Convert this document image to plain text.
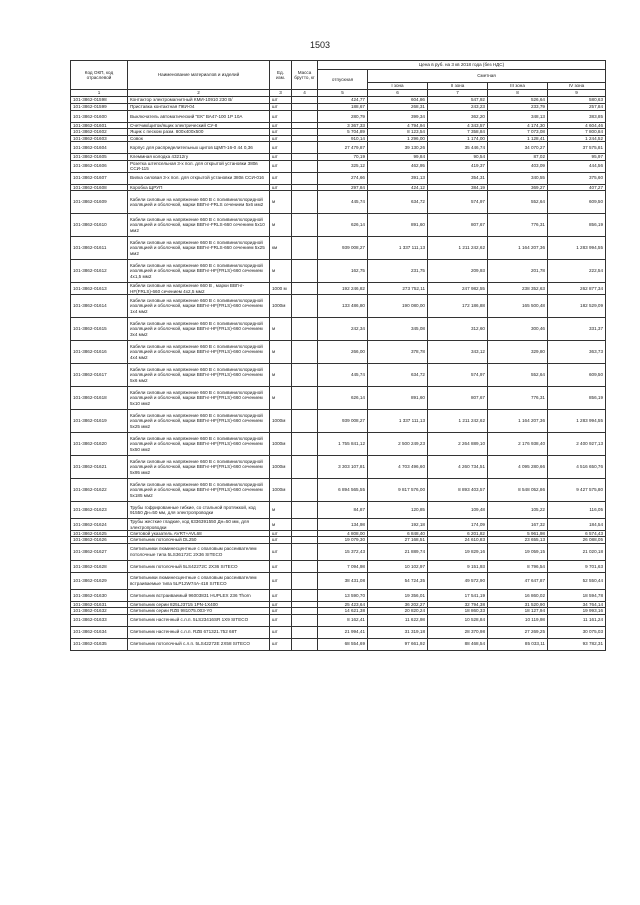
1503
Код ОКП, код отраслевой	Наименование материалов и изделий	Ед. изм.	Масса брутто, кг	Цена в руб. на 3 кв 2018 года (без НДС)				
				отпускная	Сметная			
					I зона	II зона	III зона	IV зона
1	2	3	4	5	6	7	8	9
101-3862-01598	Контактор электромагнитный КМИ-10910 230 В/	шт		424,77	604,86	547,92	526,64	580,63
101-3862-01599	Приставка контактная ПКИ-04	шт		188,67	268,31	243,23	233,79	257,84
101-3862-01600	Выключатель автоматический "ЕК" ВА47-100 1Р 10А	шт		280,79	399,34	362,20	348,13	383,85
101-3862-01601	Счетчик/щиток/ящик электрический СУ-8	шт		3 367,33	4 794,94	4 343,57	4 174,30	4 604,46
101-3862-01602	Ящик с песком разм. 800х400х500	шт		5 704,89	8 123,54	7 358,84	7 073,08	7 800,84
101-3862-01603	Совок	шт		910,14	1 296,00	1 174,00	1 128,41	1 244,52
101-3862-01604	Корпус для распределительных щитов ЩМП-16-0 44 0,36	шт		27 479,87	39 130,26	35 446,74	34 070,27	37 575,81
101-3862-01605	Клеммная колодка 43212гу	шт		70,19	99,84	90,54	87,02	95,97
101-3862-01606	Розетка штепсельная 3-х пол. для открытой установки 380в ССИ-115	шт		325,12	462,95	419,37	403,09	444,56
101-3862-01607	Вилка силовая 3-х пол. для открытой установки 380в ССИ-016	шт		274,66	391,13	354,31	340,55	375,60
101-3862-01608	Коробка ЩРУП	шт		297,84	424,12	384,19	369,27	407,27
101-3862-01609	Кабели силовые на напряжение 660 В с поливинилхлоридной изоляцией и оболочкой, марки ВВГнг-FRLS сечением 5х6 мм2	м		445,74	634,72	574,97	552,64	609,50
101-3862-01610	Кабели силовые на напряжение 660 В с поливинилхлоридной изоляцией и оболочкой, марки ВВГнг-FRLS-660 сечением 5х10 мм2	м		626,14	891,60	807,67	776,31	856,19
101-3862-01611	Кабели силовые на напряжение 660 В с поливинилхлоридной изоляцией и оболочкой, марки ВВГнг-FRLS-660 сечением 5х25 мм2	км		939 008,27	1 337 111,13	1 211 242,62	1 164 207,36	1 283 994,55
101-3862-01612	Кабели силовые на напряжение 660 В с поливинилхлоридной изоляцией и оболочкой, марки ВВГнг-HF(FRLS)-660 сечением 4х1,5 мм2	м		162,75	231,75	209,93	201,78	222,54
101-3862-01613	Кабели силовые на напряжение 660 В , марки ВВГнг-HF(FRLS)-660 сечением 4х2,5 мм2	1000 м		192 246,82	273 752,11	247 982,55	238 352,63	262 877,34
101-3862-01614	Кабели силовые на напряжение 660 В с поливинилхлоридной изоляцией и оболочкой, марки ВВГнг-HF(FRLS)-660 сечением 1х4 мм2	1000м		133 486,80	190 080,00	172 186,88	165 500,48	182 529,09
101-3862-01615	Кабели силовые на напряжение 660 В с поливинилхлоридной изоляцией и оболочкой, марки ВВГнг-HF(FRLS)-660 сечением 3х4 мм2	м		242,34	345,08	312,60	300,46	331,37
101-3862-01616	Кабели силовые на напряжение 660 В с поливинилхлоридной изоляцией и оболочкой, марки ВВГнг-HF(FRLS)-660 сечением 4х4 мм2	м		266,00	378,78	343,12	329,80	363,73
101-3862-01617	Кабели силовые на напряжение 660 В с поливинилхлоридной изоляцией и оболочкой, марки ВВГнг-HF(FRLS)-660 сечением 5х6 мм2	м		445,74	634,72	574,97	552,64	609,50
101-3862-01618	Кабели силовые на напряжение 660 В с поливинилхлоридной изоляцией и оболочкой, марки ВВГнг-HF(FRLS)-660 сечением 5х10 мм2	м		626,14	891,60	807,67	776,31	856,19
101-3862-01619	Кабели силовые на напряжение 660 В с поливинилхлоридной изоляцией и оболочкой, марки ВВГнг-HF(FRLS)-660 сечением 5х25 мм2	1000м		939 008,27	1 337 111,13	1 211 242,62	1 164 207,36	1 283 994,55
101-3862-01620	Кабели силовые на напряжение 660 В с поливинилхлоридной изоляцией и оболочкой, марки ВВГнг-HF(FRLS)-660 сечением 5х50 мм2	1000м		1 755 841,12	2 500 249,23	2 264 889,10	2 176 938,40	2 400 927,13
101-3862-01621	Кабели силовые на напряжение 660 В с поливинилхлоридной изоляцией и оболочкой, марки ВВГнг-HF(FRLS)-660 сечением 5х95 мм2	1000м		3 303 107,81	4 703 496,60	4 260 734,51	4 095 280,66	4 516 650,76
101-3862-01622	Кабели силовые на напряжение 660 В с поливинилхлоридной изоляцией и оболочкой, марки ВВГнг-HF(FRLS)-660 сечением 5х185 мм2	1000м		6 894 565,55	9 817 576,00	8 893 403,57	8 548 052,86	9 427 575,80
101-3862-01623	Трубы гофрированные гибкие, со стальной протяжкой, код 91550 Дн=50 мм, для электропроводки	м		84,87	120,85	109,48	105,22	116,05
101-3862-01624	Трубы жесткие гладкие, код 6336391550 Дн=50 мм, для электропроводки	м		134,98	192,18	174,09	167,32	184,54
101-3862-01625	Световой указатель AVRT+AVL68	шт		4 808,00	6 848,40	6 201,82	5 961,98	6 574,43
101-3862-01626	Светильник потолочный DL250	шт		19 079,30	27 168,51	24 610,83	23 655,13	26 088,05
101-3862-01627	Светильники люминесцентные с опаловым рассеивателем потолочные типа 5LS36172С 2Х36 SITECO	шт		15 372,43	21 889,74	19 829,16	19 059,15	21 020,18
101-3862-01628	Светильник потолочный 5LS42272С 2Х36 SITECO	шт		7 094,98	10 102,97	9 151,93	8 796,54	9 701,63
101-3862-01629	Светильники люминесцентные с опаловым рассеивателем встраиваемые типа 5LP12W74А-418 SITECO	шт		38 431,08	54 724,35	49 572,90	47 647,87	52 550,44
101-3862-01630	Светильник встраиваемый 96003831 HUPLEX 236 Thorn	шт		13 590,70	19 356,01	17 541,19	16 860,02	18 594,78
101-3862-01631	Светильник серии 825LJ3715 1PN-1Х400	шт		25 423,64	36 202,27	32 794,38	31 520,90	34 764,14
101-3862-01632	Светильник серии RZB 981075.003-Y0	шт		14 621,38	20 820,24	18 860,33	18 127,94	19 993,16
101-3862-01633	Светильник настенный с.л.п. 5LS23416SR 1Х9 SITECO	шт		8 162,41	11 622,98	10 528,84	10 119,98	11 161,24
101-3862-01634	Светильник настенный с.л.п. RZB 671321.752 68Т	шт		21 994,41	31 319,18	28 370,98	27 269,25	30 075,03
101-3862-01635	Светильник потолочный с.л.п. 5LS42272Е 2Х58 SITECO	шт		68 554,69	97 661,92	88 468,54	85 033,11	93 782,31
